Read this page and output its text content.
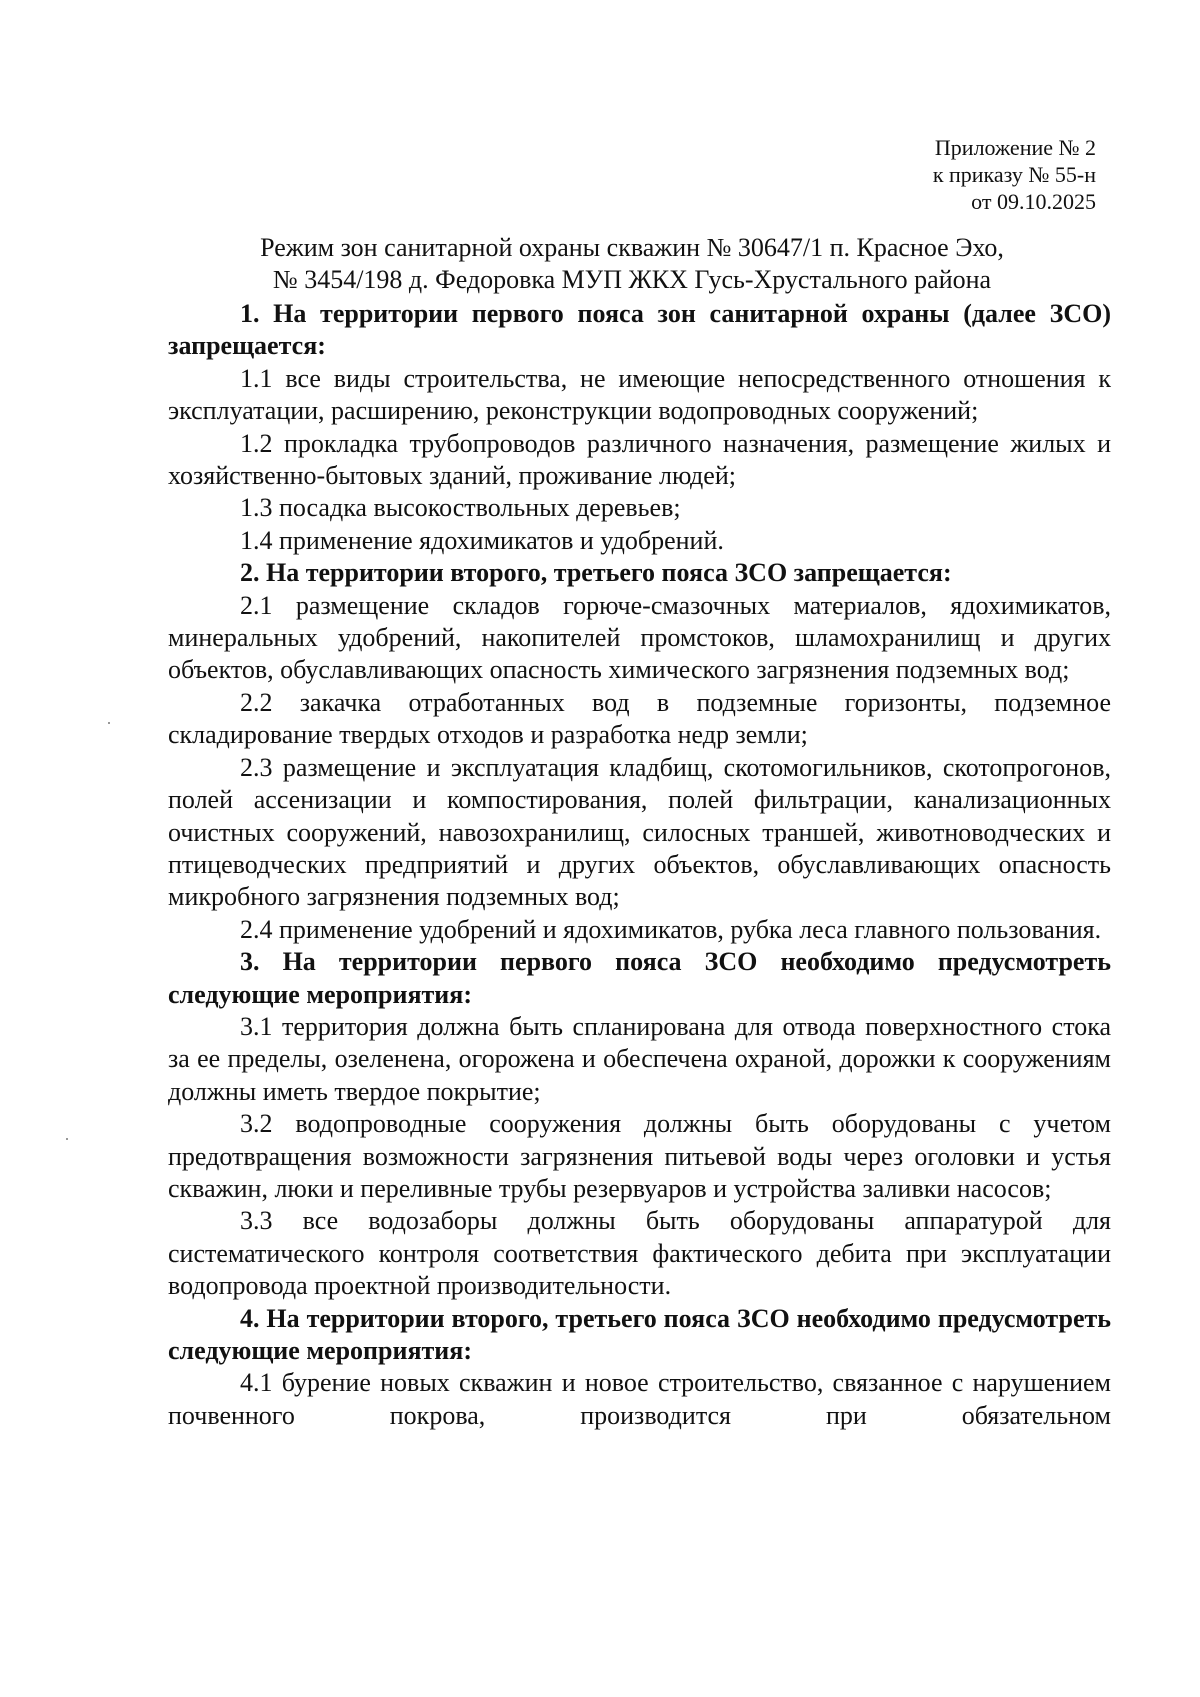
Приложение № 2
к приказу № 55-н
от 09.10.2025
Режим зон санитарной охраны скважин № 30647/1 п. Красное Эхо,
№ 3454/198 д. Федоровка МУП ЖКХ Гусь-Хрустального района

1. На территории первого пояса зон санитарной охраны (далее ЗСО) запрещается:

1.1 все виды строительства, не имеющие непосредственного отношения к эксплуатации, расширению, реконструкции водопроводных сооружений;

1.2 прокладка трубопроводов различного назначения, размещение жилых и хозяйственно-бытовых зданий, проживание людей;

1.3 посадка высокоствольных деревьев;

1.4 применение ядохимикатов и удобрений.

2. На территории второго, третьего пояса ЗСО запрещается:

2.1 размещение складов горюче-смазочных материалов, ядохимикатов, минеральных удобрений, накопителей промстоков, шламохранилищ и других объектов, обуславливающих опасность химического загрязнения подземных вод;

2.2 закачка отработанных вод в подземные горизонты, подземное складирование твердых отходов и разработка недр земли;

2.3 размещение и эксплуатация кладбищ, скотомогильников, скотопрогонов, полей ассенизации и компостирования, полей фильтрации, канализационных очистных сооружений, навозохранилищ, силосных траншей, животноводческих и птицеводческих предприятий и других объектов, обуславливающих опасность микробного загрязнения подземных вод;

2.4 применение удобрений и ядохимикатов, рубка леса главного пользования.

3. На территории первого пояса ЗСО необходимо предусмотреть следующие мероприятия:

3.1 территория должна быть спланирована для отвода поверхностного стока за ее пределы, озеленена, огорожена и обеспечена охраной, дорожки к сооружениям должны иметь твердое покрытие;

3.2 водопроводные сооружения должны быть оборудованы с учетом предотвращения возможности загрязнения питьевой воды через оголовки и устья скважин, люки и переливные трубы резервуаров и устройства заливки насосов;

3.3 все водозаборы должны быть оборудованы аппаратурой для систематического контроля соответствия фактического дебита при эксплуатации водопровода проектной производительности.

4. На территории второго, третьего пояса ЗСО необходимо предусмотреть следующие мероприятия:

4.1 бурение новых скважин и новое строительство, связанное с нарушением почвенного покрова, производится при обязательном
